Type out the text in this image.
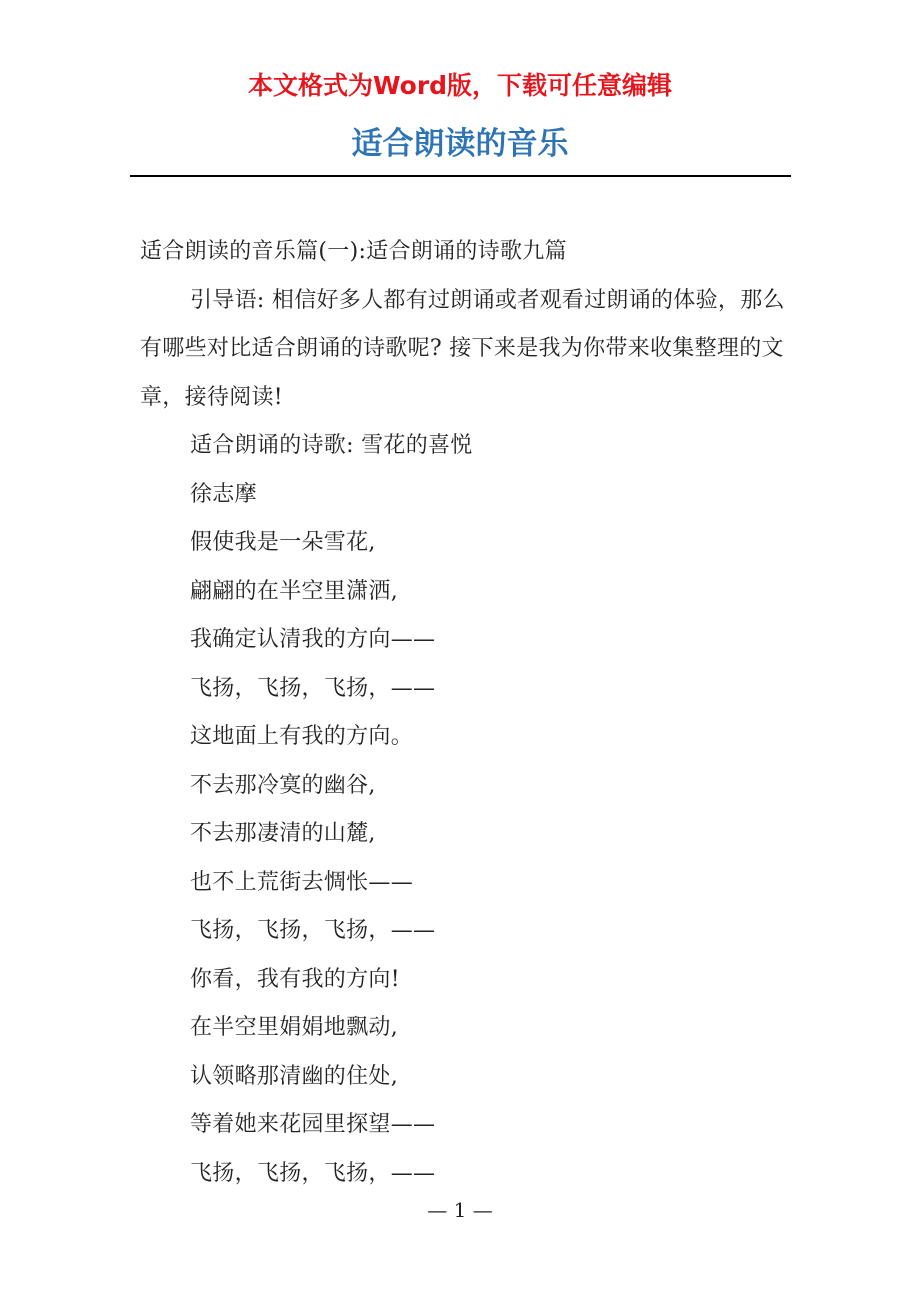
本文格式为Word版，下载可任意编辑
适合朗读的音乐

适合朗读的音乐篇(一):适合朗诵的诗歌九篇

引导语: 相信好多人都有过朗诵或者观看过朗诵的体验，那么有哪些对比适合朗诵的诗歌呢? 接下来是我为你带来收集整理的文章，接待阅读!

适合朗诵的诗歌: 雪花的喜悦

徐志摩

假使我是一朵雪花,

翩翩的在半空里潇洒,

我确定认清我的方向——

飞扬，飞扬，飞扬，——

这地面上有我的方向。

不去那冷寞的幽谷,

不去那凄清的山麓,

也不上荒街去惆怅——

飞扬，飞扬，飞扬，——

你看，我有我的方向!

在半空里娟娟地飘动,

认领略那清幽的住处,

等着她来花园里探望——

飞扬，飞扬，飞扬，——

— 1 —
